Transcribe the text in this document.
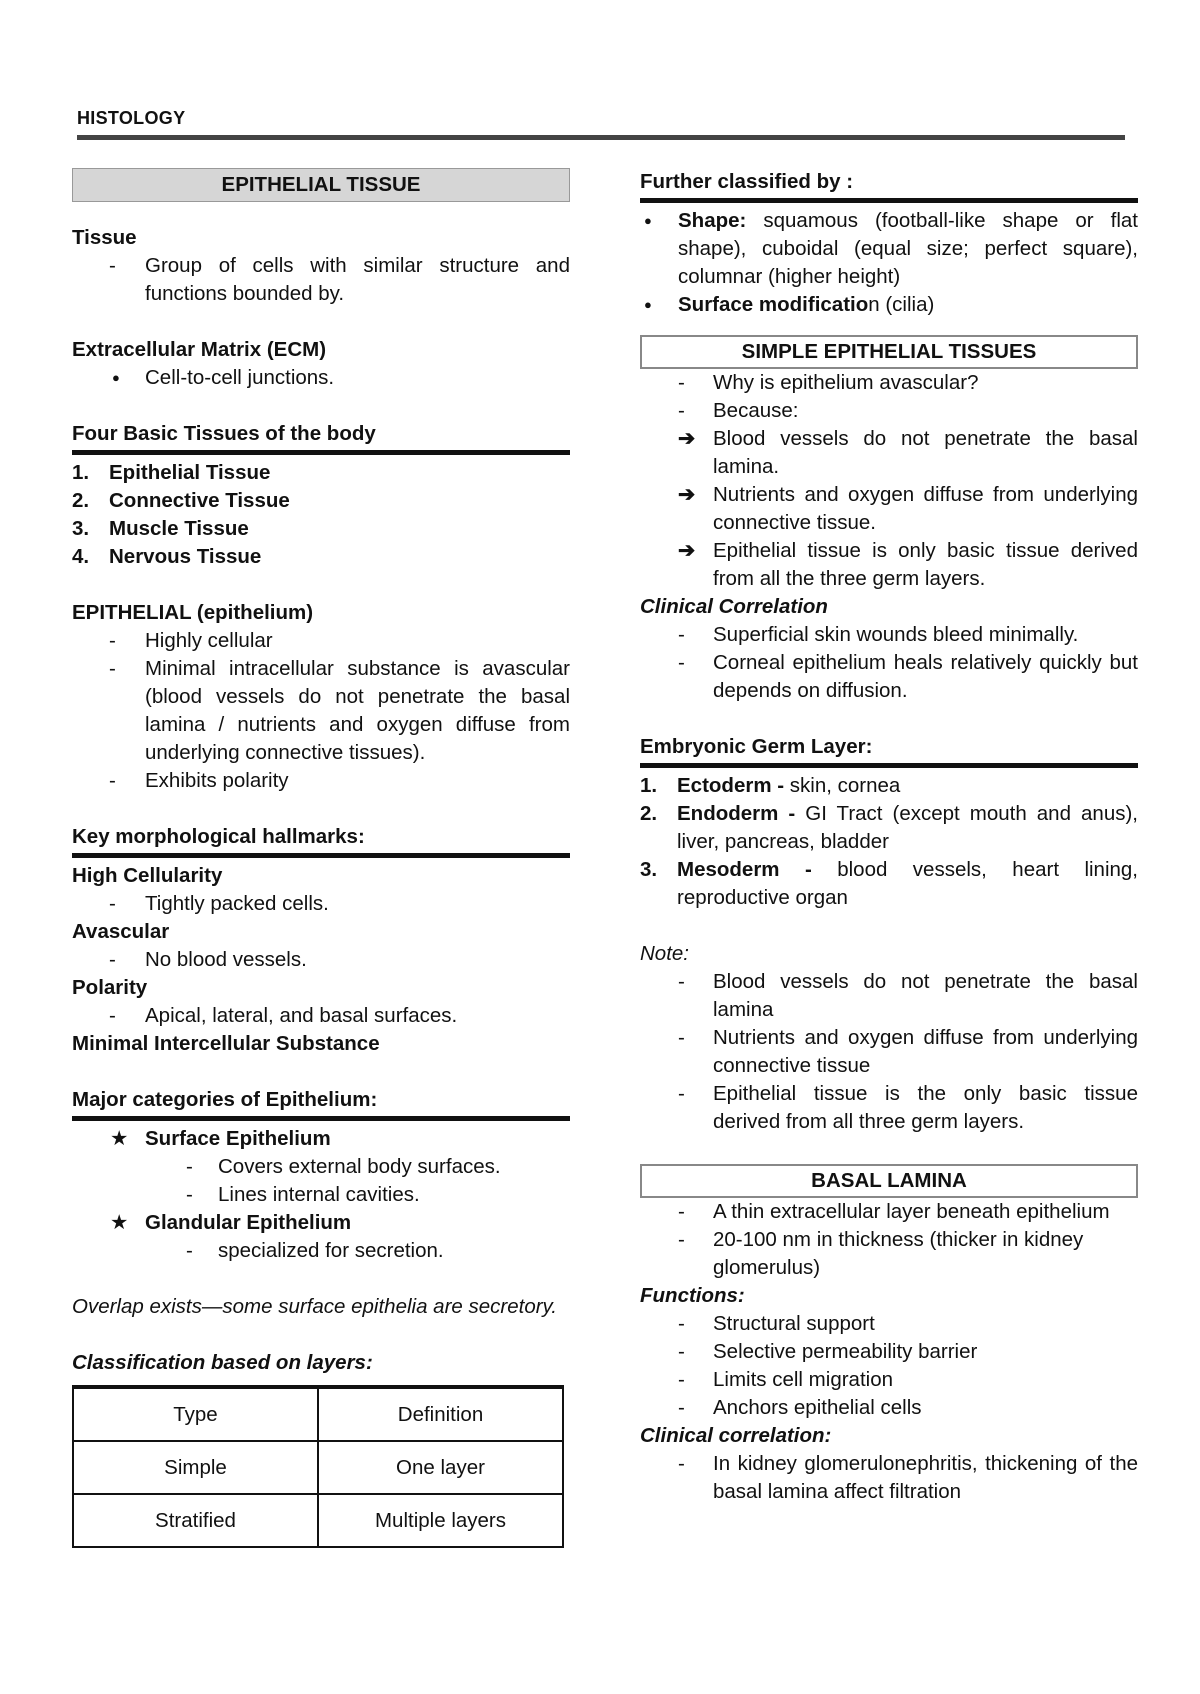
HISTOLOGY
EPITHELIAL TISSUE
Tissue
- Group of cells with similar structure and functions bounded by.
Extracellular Matrix (ECM)
● Cell-to-cell junctions.
Four Basic Tissues of the body
1. Epithelial Tissue
2. Connective Tissue
3. Muscle Tissue
4. Nervous Tissue
EPITHELIAL (epithelium)
- Highly cellular
- Minimal intracellular substance is avascular (blood vessels do not penetrate the basal lamina / nutrients and oxygen diffuse from underlying connective tissues).
- Exhibits polarity
Key morphological hallmarks:
High Cellularity
- Tightly packed cells.
Avascular
- No blood vessels.
Polarity
- Apical, lateral, and basal surfaces.
Minimal Intercellular Substance
Major categories of Epithelium:
★ Surface Epithelium
- Covers external body surfaces.
- Lines internal cavities.
★ Glandular Epithelium
- specialized for secretion.
Overlap exists—some surface epithelia are secretory.
Classification based on layers:
Type	Definition
Simple	One layer
Stratified	Multiple layers
Further classified by :
● Shape: squamous (football-like shape or flat shape), cuboidal (equal size; perfect square), columnar (higher height)
● Surface modification (cilia)
SIMPLE EPITHELIAL TISSUES
- Why is epithelium avascular?
- Because:
➔ Blood vessels do not penetrate the basal lamina.
➔ Nutrients and oxygen diffuse from underlying connective tissue.
➔ Epithelial tissue is only basic tissue derived from all the three germ layers.
Clinical Correlation
- Superficial skin wounds bleed minimally.
- Corneal epithelium heals relatively quickly but depends on diffusion.
Embryonic Germ Layer:
1. Ectoderm - skin, cornea
2. Endoderm - GI Tract (except mouth and anus), liver, pancreas, bladder
3. Mesoderm - blood vessels, heart lining, reproductive organ
Note:
- Blood vessels do not penetrate the basal lamina
- Nutrients and oxygen diffuse from underlying connective tissue
- Epithelial tissue is the only basic tissue derived from all three germ layers.
BASAL LAMINA
- A thin extracellular layer beneath epithelium
- 20-100 nm in thickness (thicker in kidney glomerulus)
Functions:
- Structural support
- Selective permeability barrier
- Limits cell migration
- Anchors epithelial cells
Clinical correlation:
- In kidney glomerulonephritis, thickening of the basal lamina affect filtration
